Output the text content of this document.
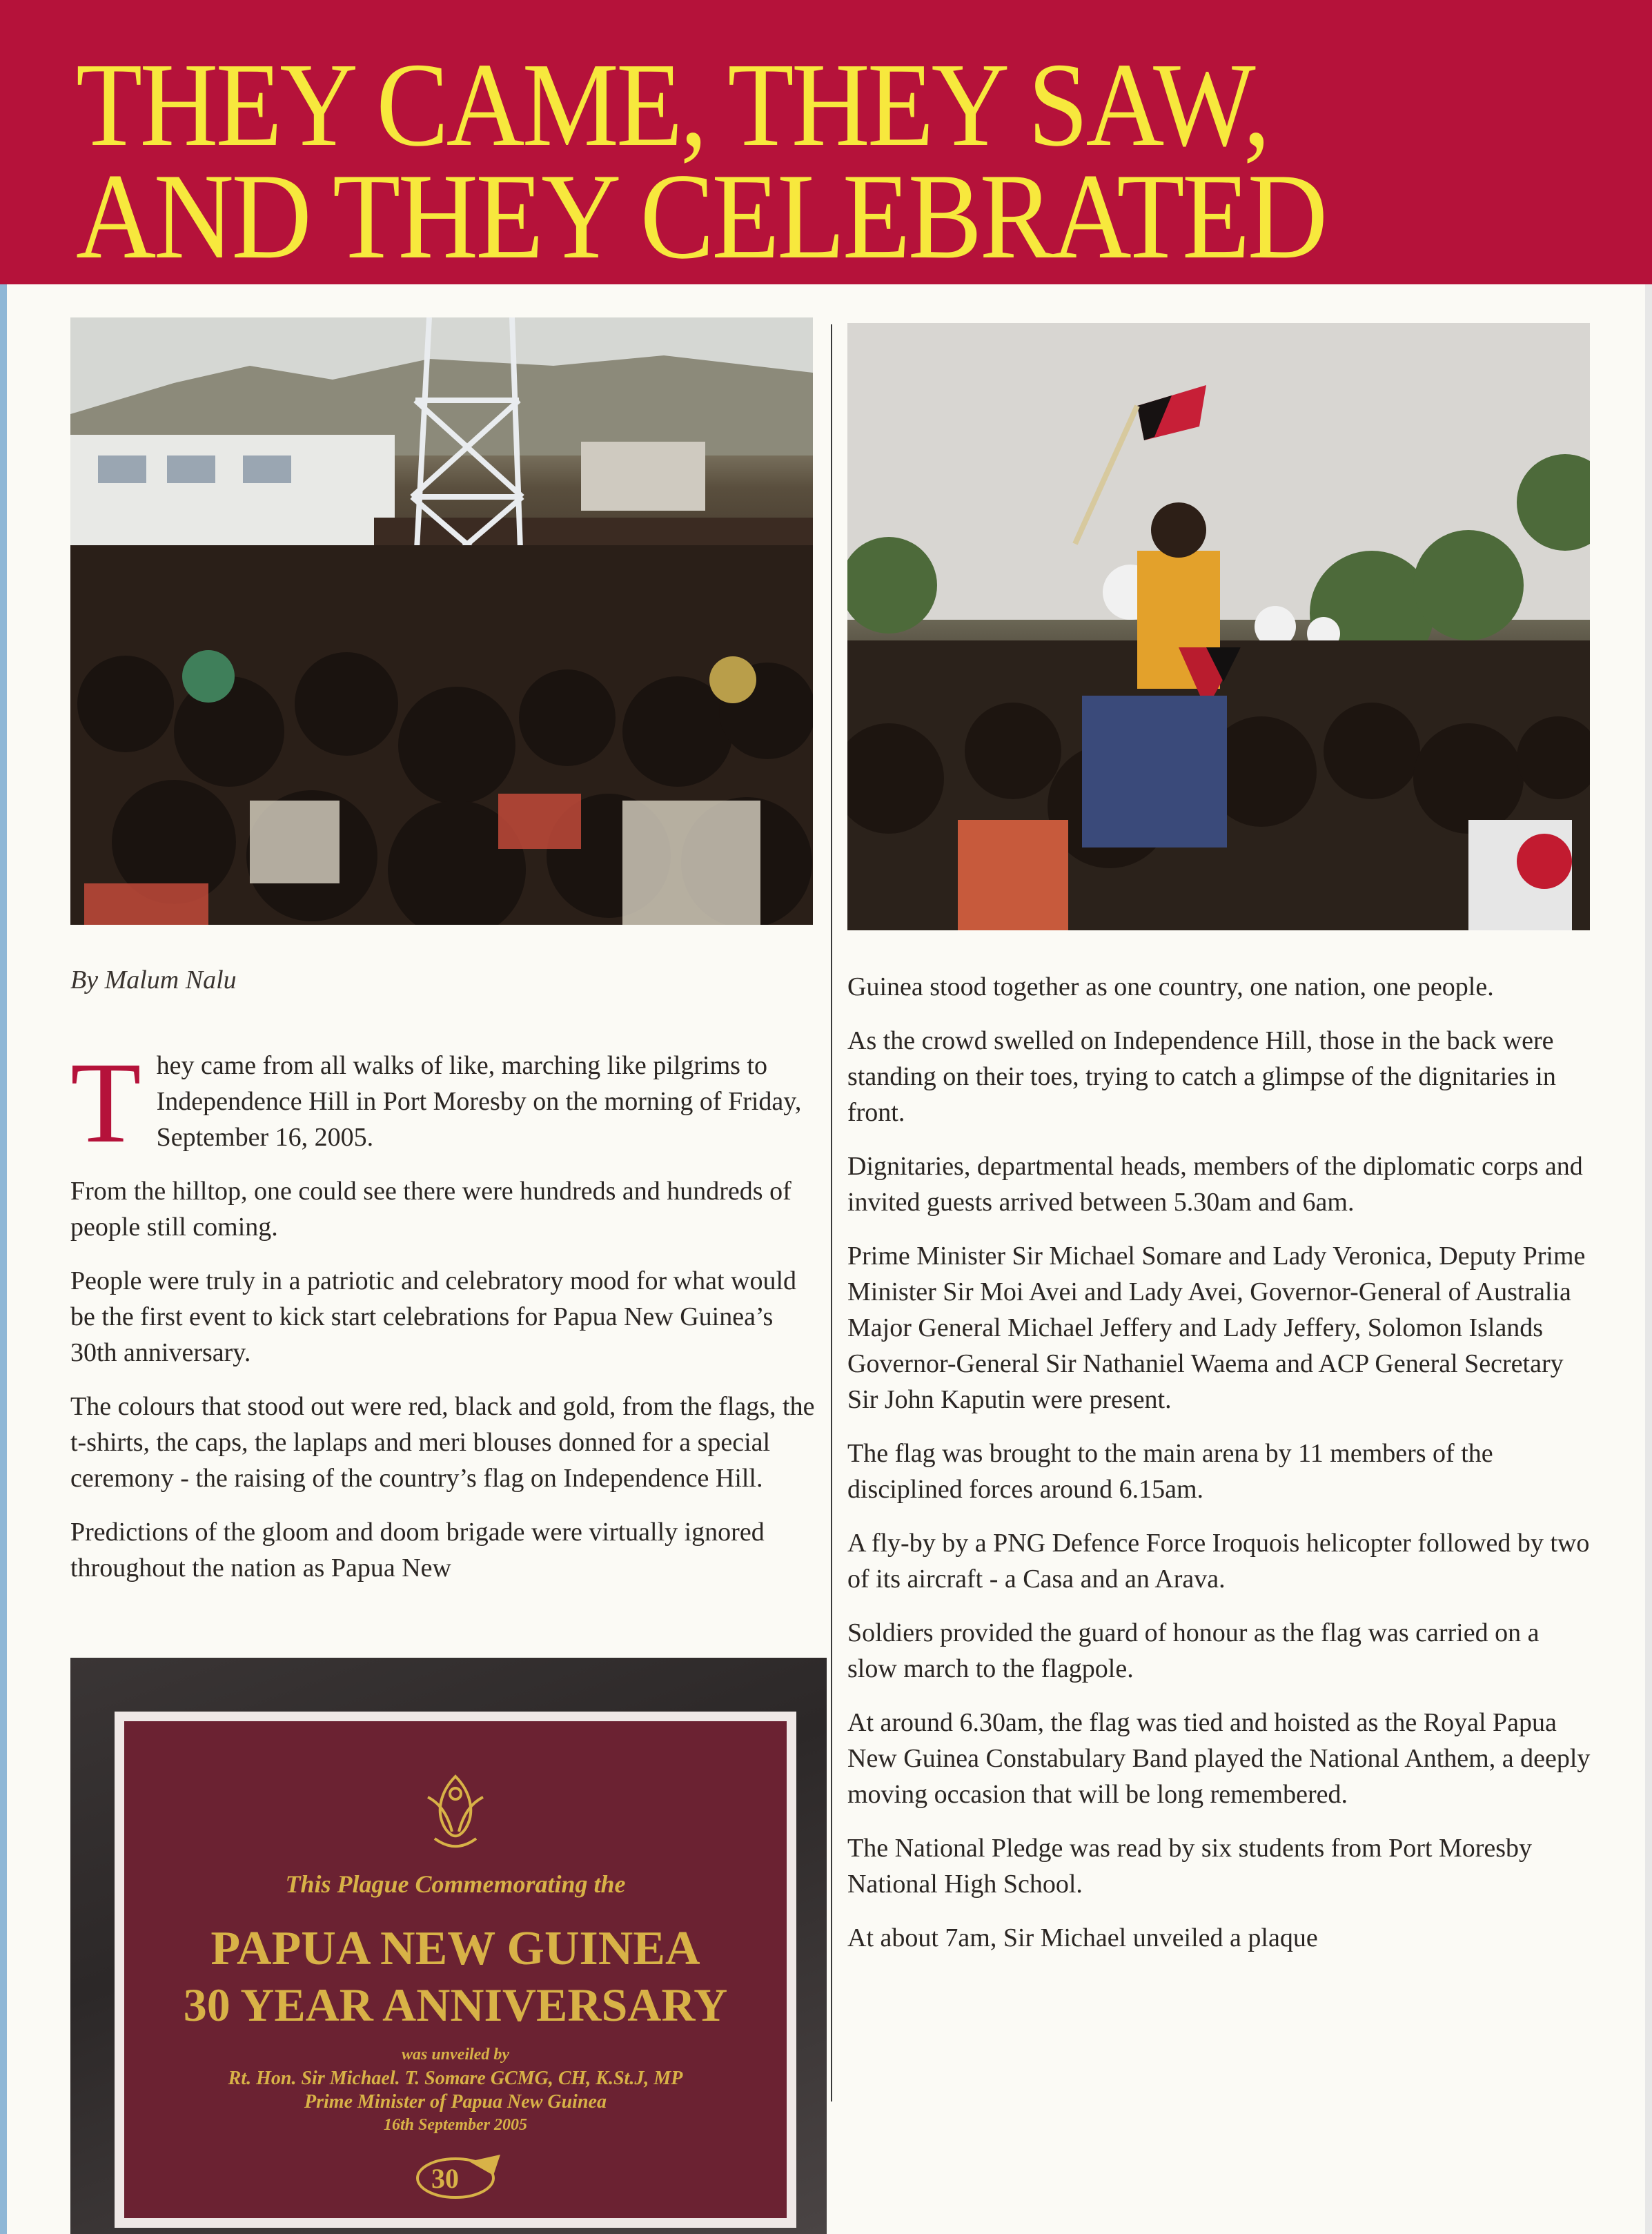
THEY CAME, THEY SAW,
AND THEY CELEBRATED

By Malum Nalu

They came from all walks of like, marching like pilgrims to Independence Hill in Port Moresby on the morning of Friday, September 16, 2005.

From the hilltop, one could see there were hundreds and hundreds of people still coming.

People were truly in a patriotic and celebratory mood for what would be the first event to kick start celebrations for Papua New Guinea’s 30th anniversary.

The colours that stood out were red, black and gold, from the flags, the t-shirts, the caps, the laplaps and meri blouses donned for a special ceremony - the raising of the country’s flag on Independence Hill.

Predictions of the gloom and doom brigade were virtually ignored throughout the nation as Papua New

Guinea stood together as one country, one nation, one people.

As the crowd swelled on Independence Hill, those in the back were standing on their toes, trying to catch a glimpse of the dignitaries in front.

Dignitaries, departmental heads, members of the diplomatic corps and invited guests arrived between 5.30am and 6am.

Prime Minister Sir Michael Somare and Lady Veronica, Deputy Prime Minister Sir Moi Avei and Lady Avei, Governor-General of Australia Major General Michael Jeffery and Lady Jeffery, Solomon Islands Governor-General Sir Nathaniel Waema and ACP General Secretary Sir John Kaputin were present.

The flag was brought to the main arena by 11 members of the disciplined forces around 6.15am.

A fly-by by a PNG Defence Force Iroquois helicopter followed by two of its aircraft - a Casa and an Arava.

Soldiers provided the guard of honour as the flag was carried on a slow march to the flagpole.

At around 6.30am, the flag was tied and hoisted as the Royal Papua New Guinea Constabulary Band played the National Anthem, a deeply moving occasion that will be long remembered.

The National Pledge was read by six students from Port Moresby National High School.

At about 7am, Sir Michael unveiled a plaque

This Plague Commemorating the
PAPUA NEW GUINEA
30 YEAR ANNIVERSARY
was unveiled by
Rt. Hon. Sir Michael. T. Somare GCMG, CH, K.St.J, MP
Prime Minister of Papua New Guinea
16th September 2005
30
